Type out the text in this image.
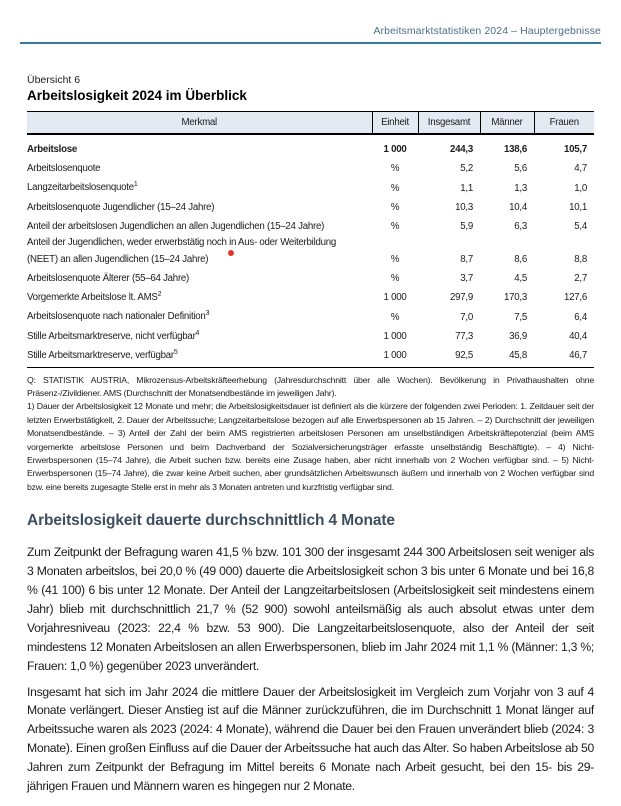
Arbeitsmarktstatistiken 2024 – Hauptergebnisse
Übersicht 6
Arbeitslosigkeit 2024 im Überblick
Merkmal	Einheit	Insgesamt	Männer	Frauen
Arbeitslose	1 000	244,3	138,6	105,7
Arbeitslosenquote	%	5,2	5,6	4,7
Langzeitarbeitslosenquote$^1$	%	1,1	1,3	1,0
Arbeitslosenquote Jugendlicher (15–24 Jahre)	%	10,3	10,4	10,1
Anteil der arbeitslosen Jugendlichen an allen Jugendlichen (15–24 Jahre)	%	5,9	6,3	5,4
Anteil der Jugendlichen, weder erwerbstätig noch in Aus- oder Weiterbildung (NEET) an allen Jugendlichen (15–24 Jahre)	%	8,7	8,6	8,8
Arbeitslosenquote Älterer (55–64 Jahre)	%	3,7	4,5	2,7
Vorgemerkte Arbeitslose lt. AMS$^2$	1 000	297,9	170,3	127,6
Arbeitslosenquote nach nationaler Definition$^3$	%	7,0	7,5	6,4
Stille Arbeitsmarktreserve, nicht verfügbar$^4$	1 000	77,3	36,9	40,4
Stille Arbeitsmarktreserve, verfügbar$^5$	1 000	92,5	45,8	46,7

Q: STATISTIK AUSTRIA, Mikrozensus-Arbeitskräfteerhebung (Jahresdurchschnitt über alle Wochen). Bevölkerung in Privathaushalten ohne Präsenz-/Zivildiener. AMS (Durchschnitt der Monatsendbestände im jeweiligen Jahr).

1) Dauer der Arbeitslosigkeit 12 Monate und mehr; die Arbeitslosigkeitsdauer ist definiert als die kürzere der folgenden zwei Perioden: 1. Zeitdauer seit der letzten Erwerbstätigkeit, 2. Dauer der Arbeitssuche; Langzeitarbeitslose bezogen auf alle Erwerbspersonen ab 15 Jahren. – 2) Durchschnitt der jeweiligen Monatsendbestände. – 3) Anteil der Zahl der beim AMS registrierten arbeitslosen Personen am unselbständigen Arbeitskräftepotenzial (beim AMS vorgemerkte arbeitslose Personen und beim Dachverband der Sozialversicherungsträger erfasste unselbständig Beschäftigte). – 4) Nicht-Erwerbspersonen (15–74 Jahre), die Arbeit suchen bzw. bereits eine Zusage haben, aber nicht innerhalb von 2 Wochen verfügbar sind. – 5) Nicht-Erwerbspersonen (15–74 Jahre), die zwar keine Arbeit suchen, aber grundsätzlichen Arbeitswunsch äußern und innerhalb von 2 Wochen verfügbar sind bzw. eine bereits zugesagte Stelle erst in mehr als 3 Monaten antreten und kurzfristig verfügbar sind.

Arbeitslosigkeit dauerte durchschnittlich 4 Monate

Zum Zeitpunkt der Befragung waren 41,5 % bzw. 101 300 der insgesamt 244 300 Arbeitslosen seit weniger als 3 Monaten arbeitslos, bei 20,0 % (49 000) dauerte die Arbeitslosigkeit schon 3 bis unter 6 Monate und bei 16,8 % (41 100) 6 bis unter 12 Monate. Der Anteil der Langzeitarbeitslosen (Arbeitslosigkeit seit mindestens einem Jahr) blieb mit durchschnittlich 21,7 % (52 900) sowohl anteilsmäßig als auch absolut etwas unter dem Vorjahresniveau (2023: 22,4 % bzw. 53 900). Die Langzeitarbeitslosenquote, also der Anteil der seit mindestens 12 Monaten Arbeitslosen an allen Erwerbspersonen, blieb im Jahr 2024 mit 1,1 % (Männer: 1,3 %; Frauen: 1,0 %) gegenüber 2023 unverändert.

Insgesamt hat sich im Jahr 2024 die mittlere Dauer der Arbeitslosigkeit im Vergleich zum Vorjahr von 3 auf 4 Monate verlängert. Dieser Anstieg ist auf die Männer zurückzuführen, die im Durchschnitt 1 Monat länger auf Arbeitssuche waren als 2023 (2024: 4 Monate), während die Dauer bei den Frauen unverändert blieb (2024: 3 Monate). Einen großen Einfluss auf die Dauer der Arbeitssuche hat auch das Alter. So haben Arbeitslose ab 50 Jahren zum Zeitpunkt der Befragung im Mittel bereits 6 Monate nach Arbeit gesucht, bei den 15- bis 29-jährigen Frauen und Männern waren es hingegen nur 2 Monate.
